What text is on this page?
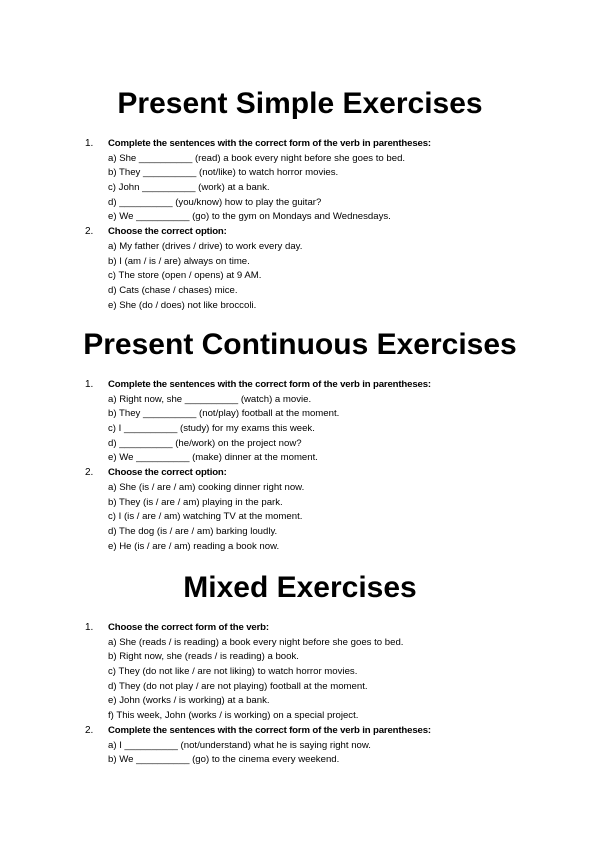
Present Simple Exercises
1.	Complete the sentences with the correct form of the verb in parentheses:
a) She __________ (read) a book every night before she goes to bed.
b) They __________ (not/like) to watch horror movies.
c) John __________ (work) at a bank.
d) __________ (you/know) how to play the guitar?
e) We __________ (go) to the gym on Mondays and Wednesdays.
2.	Choose the correct option:
a) My father (drives / drive) to work every day.
b) I (am / is / are) always on time.
c) The store (open / opens) at 9 AM.
d) Cats (chase / chases) mice.
e) She (do / does) not like broccoli.
Present Continuous Exercises
1.	Complete the sentences with the correct form of the verb in parentheses:
a) Right now, she __________ (watch) a movie.
b) They __________ (not/play) football at the moment.
c) I __________ (study) for my exams this week.
d) __________ (he/work) on the project now?
e) We __________ (make) dinner at the moment.
2.	Choose the correct option:
a) She (is / are / am) cooking dinner right now.
b) They (is / are / am) playing in the park.
c) I (is / are / am) watching TV at the moment.
d) The dog (is / are / am) barking loudly.
e) He (is / are / am) reading a book now.
Mixed Exercises
1.	Choose the correct form of the verb:
a) She (reads / is reading) a book every night before she goes to bed.
b) Right now, she (reads / is reading) a book.
c) They (do not like / are not liking) to watch horror movies.
d) They (do not play / are not playing) football at the moment.
e) John (works / is working) at a bank.
f) This week, John (works / is working) on a special project.
2.	Complete the sentences with the correct form of the verb in parentheses:
a) I __________ (not/understand) what he is saying right now.
b) We __________ (go) to the cinema every weekend.
